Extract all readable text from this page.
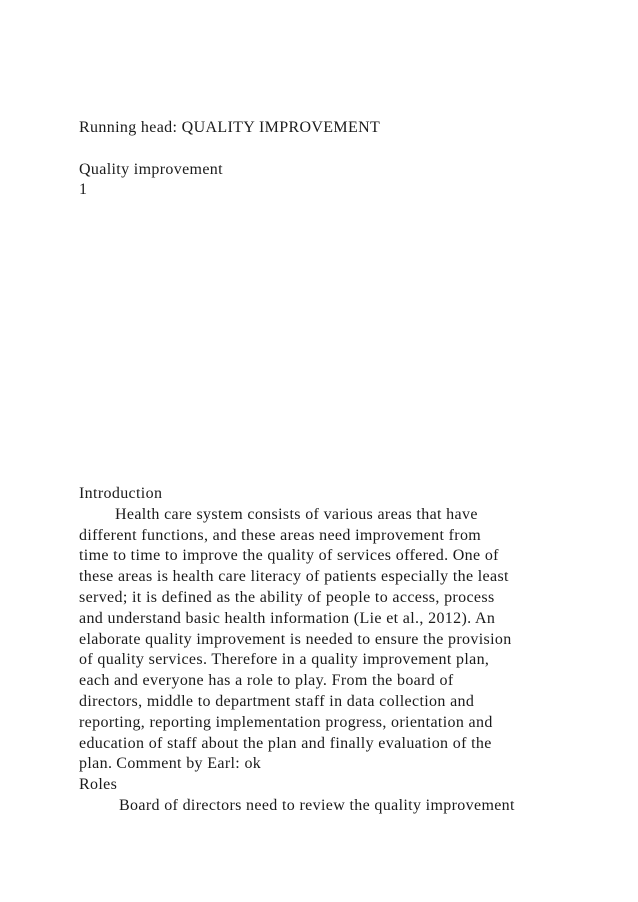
Running head: QUALITY IMPROVEMENT
Quality improvement
1
Introduction
Health care system consists of various areas that have
different functions, and these areas need improvement from
time to time to improve the quality of services offered. One of
these areas is health care literacy of patients especially the least
served; it is defined as the ability of people to access, process
and understand basic health information (Lie et al., 2012). An
elaborate quality improvement is needed to ensure the provision
of quality services. Therefore in a quality improvement plan,
each and everyone has a role to play. From the board of
directors, middle to department staff in data collection and
reporting, reporting implementation progress, orientation and
education of staff about the plan and finally evaluation of the
plan. Comment by Earl: ok
Roles
Board of directors need to review the quality improvement
